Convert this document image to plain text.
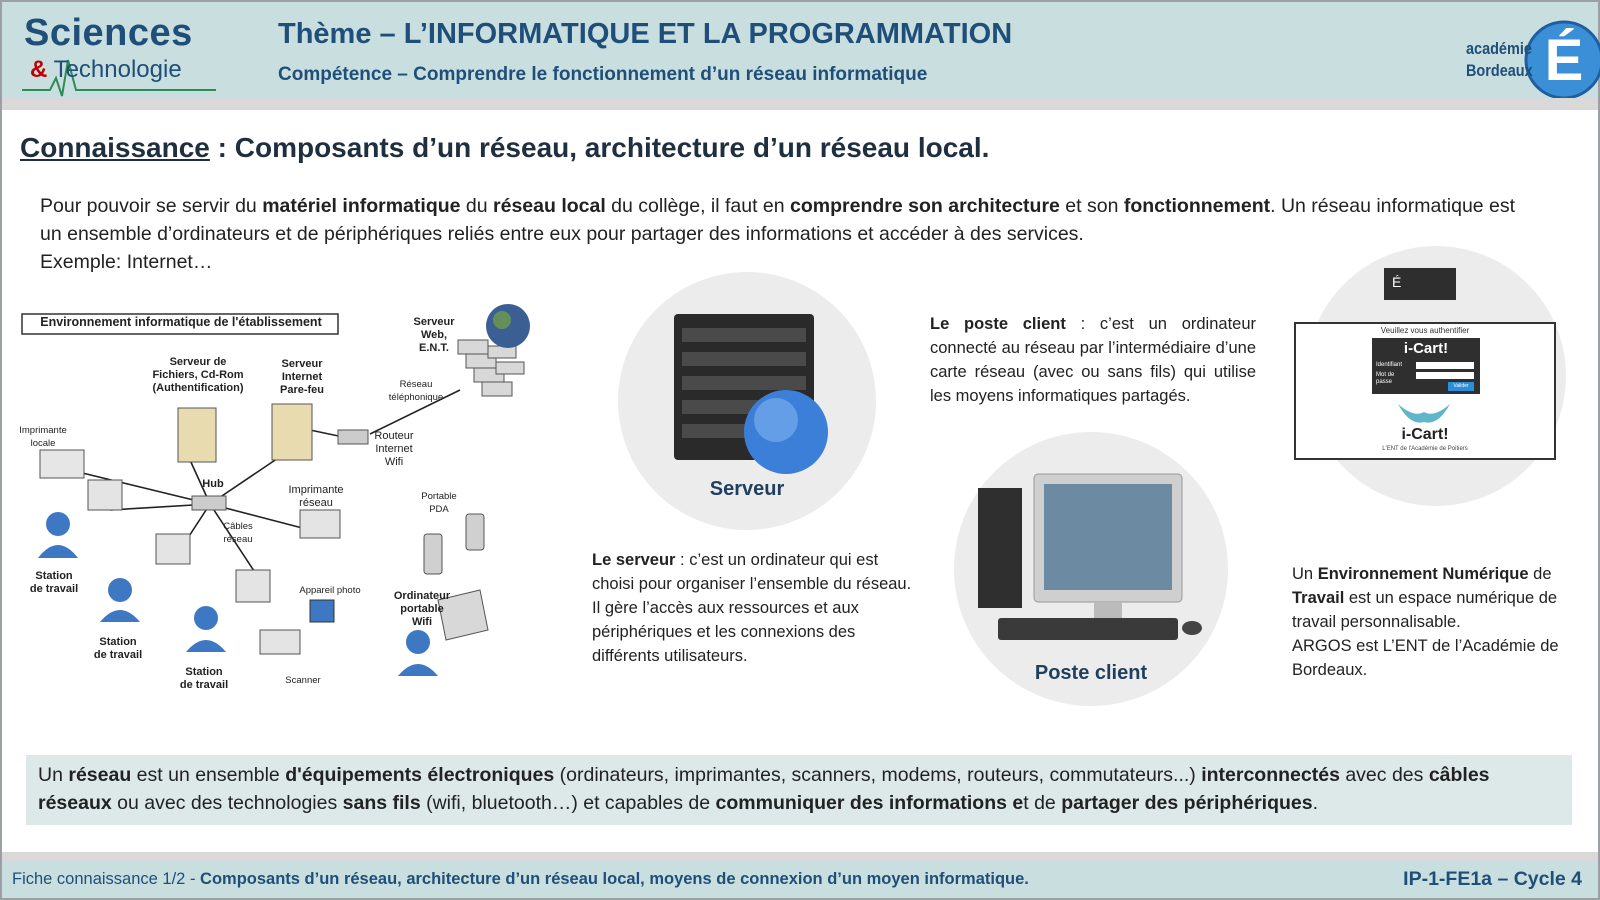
Sciences
& Technologie
Thème – L’INFORMATIQUE ET LA PROGRAMMATION
Compétence – Comprendre le fonctionnement d’un réseau informatique	É
académie
Bordeaux
Connaissance : Composants d’un réseau, architecture d’un réseau local.
Pour pouvoir se servir du matériel informatique du réseau local du collège, il faut en comprendre son architecture et son fonctionnement. Un réseau informatique est un ensemble d’ordinateurs et de périphériques reliés entre eux pour partager des informations et accéder à des services.
Exemple: Internet…
Environnement informatique de l'établissement
Serveur de
Fichiers, Cd-Rom
(Authentification)
Serveur
Internet
Pare-feu
Serveur
Web,
E.N.T.
Réseau
téléphonique
Routeur
Internet
Wifi
Imprimante
locale
Hub	Imprimante
réseau
Câbles
réseau
Portable
PDA
Appareil photo
Station
de travail
Station
de travail
Station
de travail
Ordinateur
portable
Wifi
Scanner
Serveur
Le serveur : c’est un ordinateur qui est choisi pour organiser l’ensemble du réseau. Il gère l’accès aux ressources et aux périphériques et les connexions des différents utilisateurs.
Le poste client : c’est un ordinateur connecté au réseau par l’intermédiaire d’une carte réseau (avec ou sans fils) qui utilise les moyens informatiques partagés.
Poste client
É
Veuillez vous authentifier
i-Cart!
Identifiant
Mot de passe
Valider
i-Cart!
L'ENT de l'Académie de Poitiers
Un Environnement Numérique de Travail est un espace numérique de travail personnalisable.
ARGOS est L’ENT de l’Académie de Bordeaux.
Un réseau est un ensemble d'équipements électroniques (ordinateurs, imprimantes, scanners, modems, routeurs, commutateurs...) interconnectés avec des câbles réseaux ou avec des technologies sans fils (wifi, bluetooth…) et capables de communiquer des informations et de partager des périphériques.
Fiche connaissance 1/2 - Composants d’un réseau, architecture d’un réseau local, moyens de connexion d’un moyen informatique.	IP-1-FE1a – Cycle 4
